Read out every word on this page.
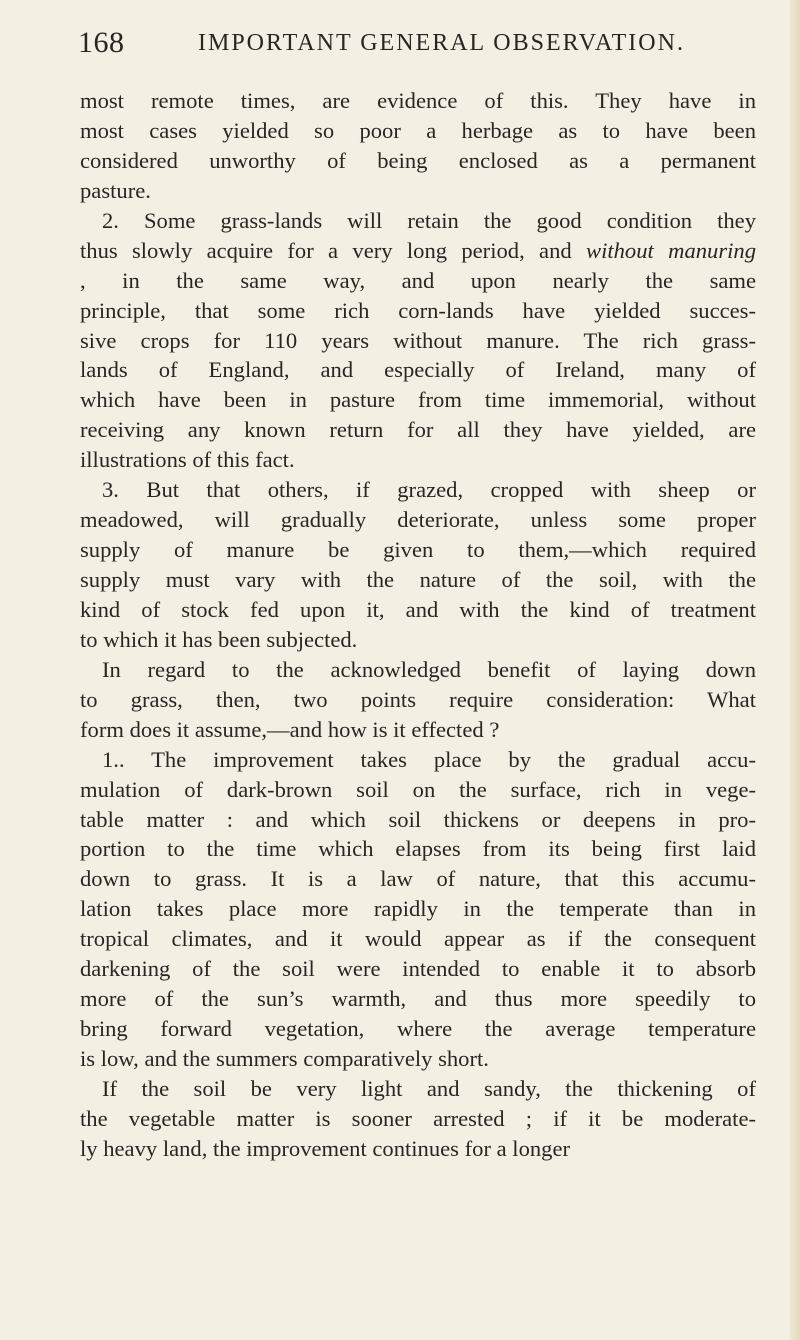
168	IMPORTANT GENERAL OBSERVATION.
most remote times, are evidence of this. They have in
most cases yielded so poor a herbage as to have been
considered unworthy of being enclosed as a permanent
pasture.
2. Some grass-lands will retain the good condition they
thus slowly acquire for a very long period, and without manuring
, in the same way, and upon nearly the same
principle, that some rich corn-lands have yielded succes-
sive crops for 110 years without manure. The rich grass-
lands of England, and especially of Ireland, many of
which have been in pasture from time immemorial, without
receiving any known return for all they have yielded, are
illustrations of this fact.
3. But that others, if grazed, cropped with sheep or
meadowed, will gradually deteriorate, unless some proper
supply of manure be given to them,—which required
supply must vary with the nature of the soil, with the
kind of stock fed upon it, and with the kind of treatment
to which it has been subjected.
In regard to the acknowledged benefit of laying down
to grass, then, two points require consideration: What
form does it assume,—and how is it effected ?
1.. The improvement takes place by the gradual accu-
mulation of dark-brown soil on the surface, rich in vege-
table matter : and which soil thickens or deepens in pro-
portion to the time which elapses from its being first laid
down to grass. It is a law of nature, that this accumu-
lation takes place more rapidly in the temperate than in
tropical climates, and it would appear as if the consequent
darkening of the soil were intended to enable it to absorb
more of the sun’s warmth, and thus more speedily to
bring forward vegetation, where the average temperature
is low, and the summers comparatively short.
If the soil be very light and sandy, the thickening of
the vegetable matter is sooner arrested ; if it be moderate-
ly heavy land, the improvement continues for a longer
